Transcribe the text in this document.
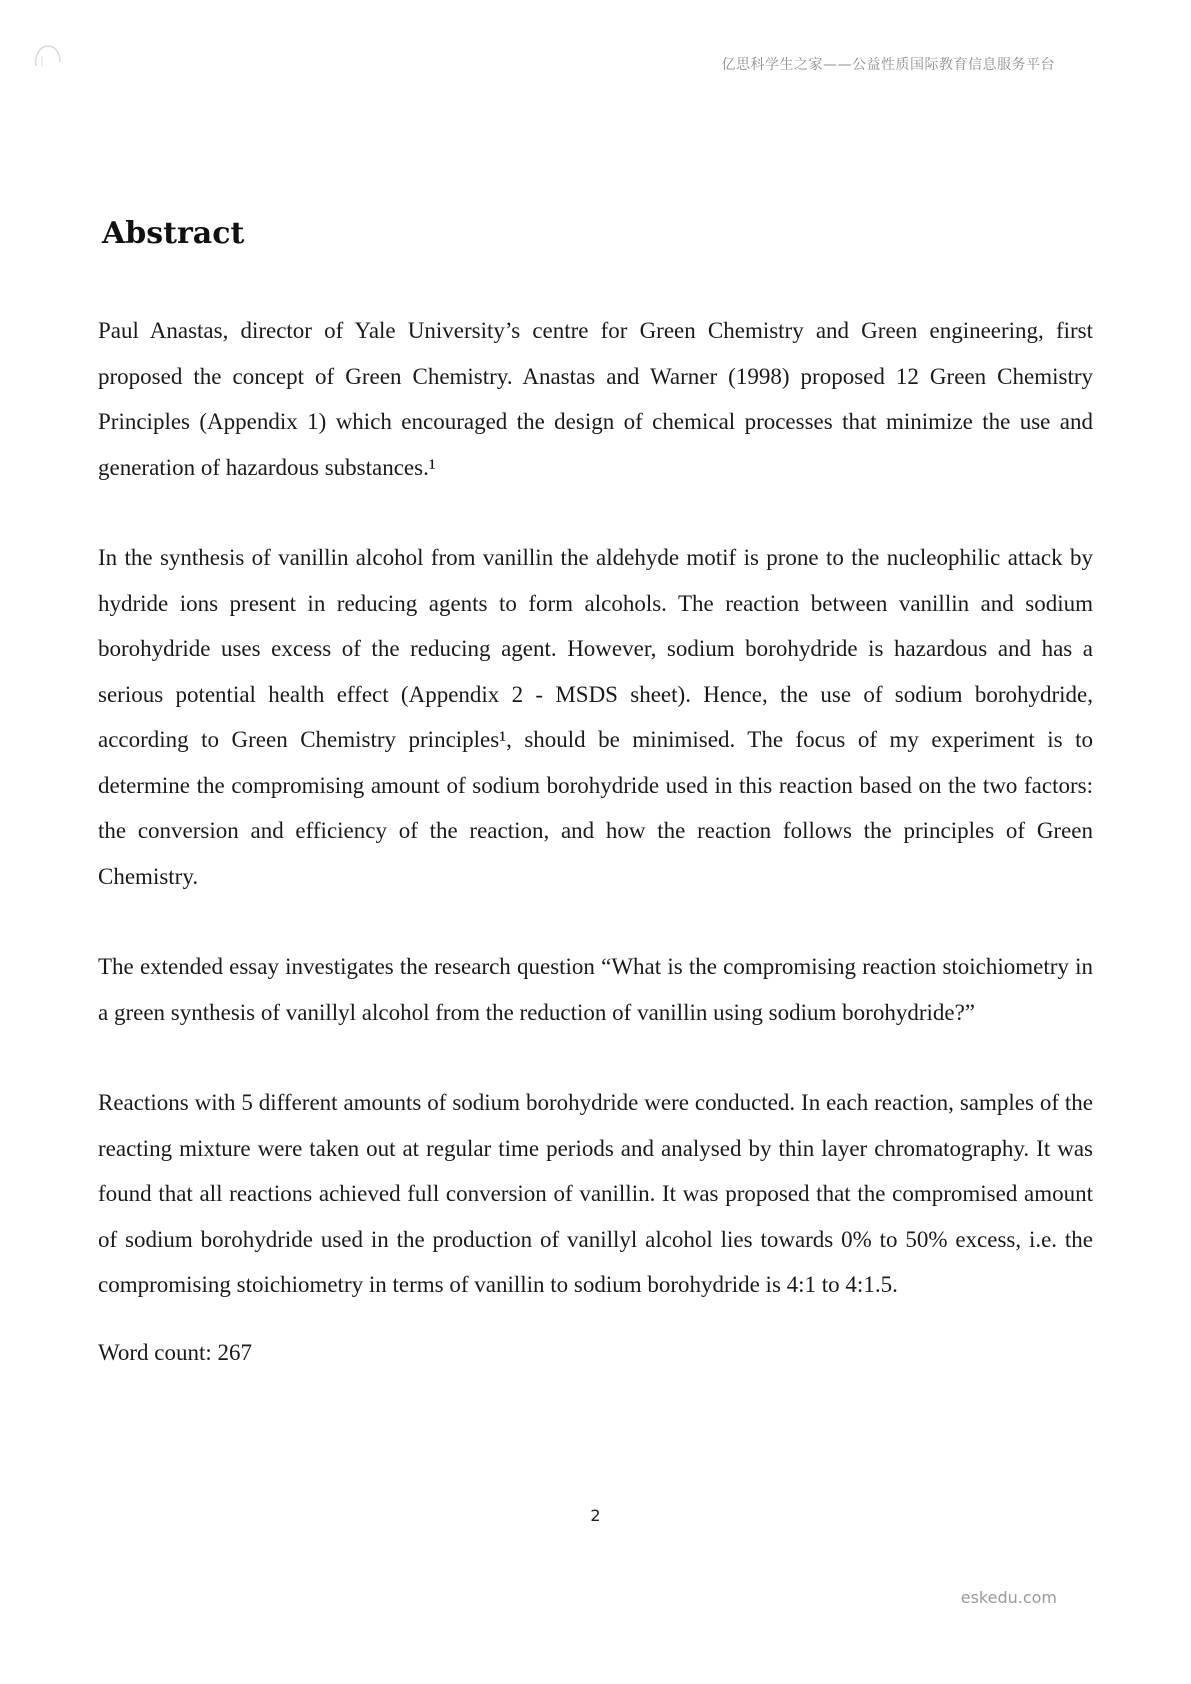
亿思科学生之家——公益性质国际教育信息服务平台
Abstract

Paul Anastas, director of Yale University’s centre for Green Chemistry and Green engineering, first proposed the concept of Green Chemistry. Anastas and Warner (1998) proposed 12 Green Chemistry Principles (Appendix 1) which encouraged the design of chemical processes that minimize the use and generation of hazardous substances.¹

In the synthesis of vanillin alcohol from vanillin the aldehyde motif is prone to the nucleophilic attack by hydride ions present in reducing agents to form alcohols. The reaction between vanillin and sodium borohydride uses excess of the reducing agent. However, sodium borohydride is hazardous and has a serious potential health effect (Appendix 2 - MSDS sheet). Hence, the use of sodium borohydride, according to Green Chemistry principles¹, should be minimised. The focus of my experiment is to determine the compromising amount of sodium borohydride used in this reaction based on the two factors: the conversion and efficiency of the reaction, and how the reaction follows the principles of Green Chemistry.

The extended essay investigates the research question “What is the compromising reaction stoichiometry in a green synthesis of vanillyl alcohol from the reduction of vanillin using sodium borohydride?”

Reactions with 5 different amounts of sodium borohydride were conducted. In each reaction, samples of the reacting mixture were taken out at regular time periods and analysed by thin layer chromatography. It was found that all reactions achieved full conversion of vanillin. It was proposed that the compromised amount of sodium borohydride used in the production of vanillyl alcohol lies towards 0% to 50% excess, i.e. the compromising stoichiometry in terms of vanillin to sodium borohydride is 4:1 to 4:1.5.

Word count: 267

2
eskedu.com
